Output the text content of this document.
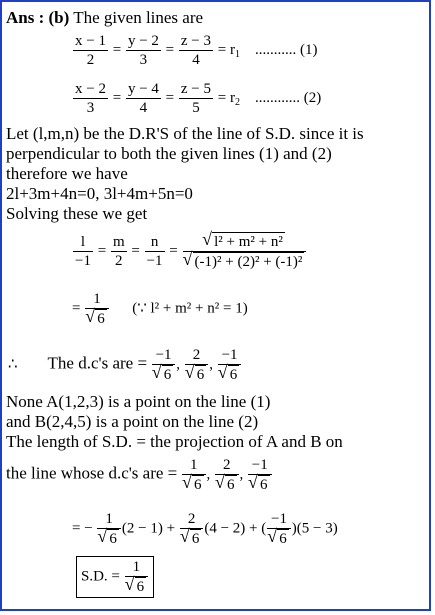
Ans : (b) The given lines are
$\frac{x - 1}{2} = \frac{y - 2}{3} = \frac{z - 3}{4} = r_1$ ........... (1)
$\frac{x - 2}{3} = \frac{y - 4}{4} = \frac{z - 5}{5} = r_2$ ............ (2)
Let (l,m,n) be the D.R'S of the line of S.D. since it is
perpendicular to both the given lines (1) and (2)
therefore we have
2l+3m+4n=0, 3l+4m+5n=0
Solving these we get
$\frac{l}{-1} = \frac{m}{2} = \frac{n}{-1}$ =
√ l² + m² + n²
√ (-1)² + (2)² + (-1)²
= 1
√ 6 (∵ l² + m² + n² = 1)
∴ The d.c's are = −1
√ 6 , 2
√ 6 , −1
√ 6
None A(1,2,3) is a point on the line (1)
and B(2,4,5) is a point on the line (2)
The length of S.D. = the projection of A and B on
the line whose d.c's are = 1
√ 6 , 2
√ 6 , −1
√ 6
= − 1
√ 6 (2 − 1) + 2
√ 6 (4 − 2) + ( −1
√ 6 )(5 − 3)
S.D. = 1
√ 6
